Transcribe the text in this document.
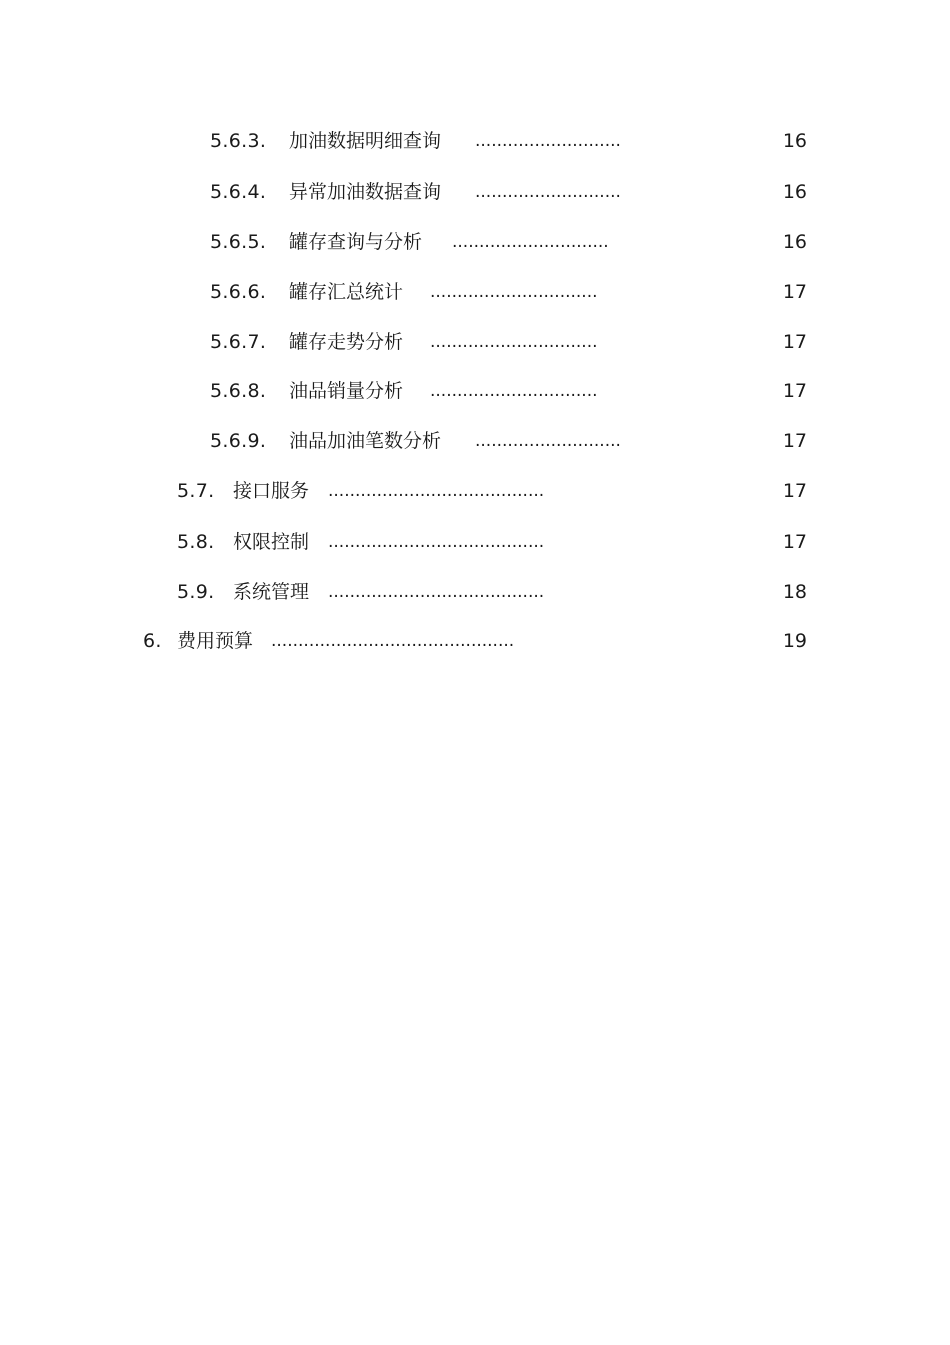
5.6.3. 加油数据明细查询 ...........................	16
5.6.4. 异常加油数据查询 ...........................	16
5.6.5. 罐存查询与分析 .............................	16
5.6.6. 罐存汇总统计 ...............................	17
5.6.7. 罐存走势分析 ...............................	17
5.6.8. 油品销量分析 ...............................	17
5.6.9. 油品加油笔数分析 ...........................	17
5.7. 接口服务 ........................................	17
5.8. 权限控制 ........................................	17
5.9. 系统管理 ........................................	18
6. 费用预算 .............................................	19
